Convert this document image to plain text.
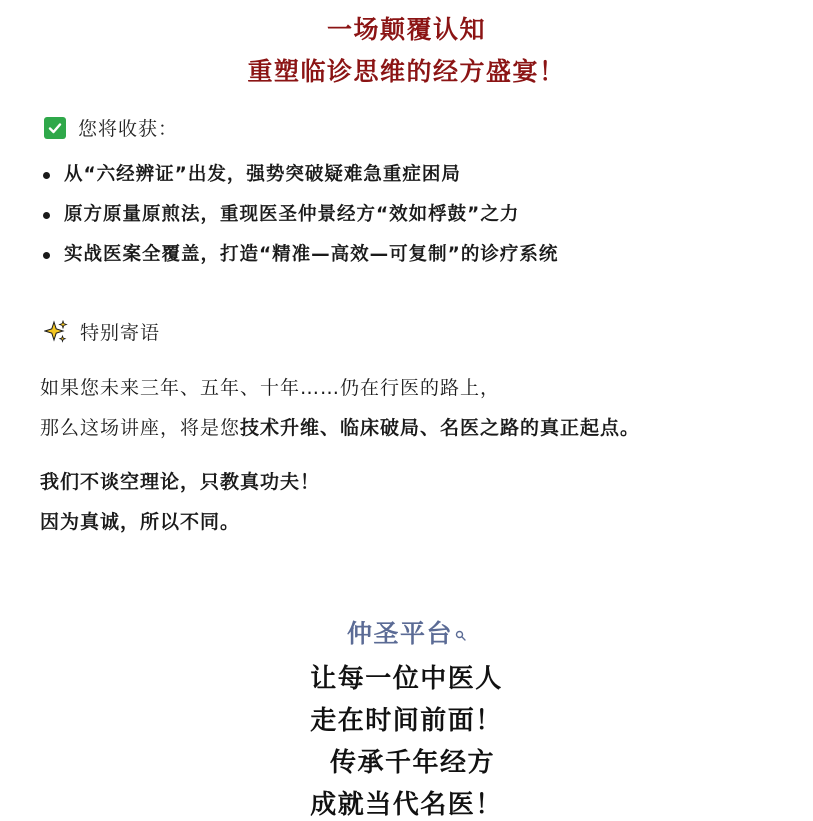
一场颠覆认知
重塑临诊思维的经方盛宴！
您将收获：
从“六经辨证”出发，强势突破疑难急重症困局
原方原量原煎法，重现医圣仲景经方“效如桴鼓”之力
实战医案全覆盖，打造“精准—高效—可复制”的诊疗系统
特别寄语
如果您未来三年、五年、十年……仍在行医的路上，
那么这场讲座，将是您技术升维、临床破局、名医之路的真正起点。
我们不谈空理论，只教真功夫！
因为真诚，所以不同。
仲圣平台
让每一位中医人
走在时间前面！
传承千年经方
成就当代名医！
